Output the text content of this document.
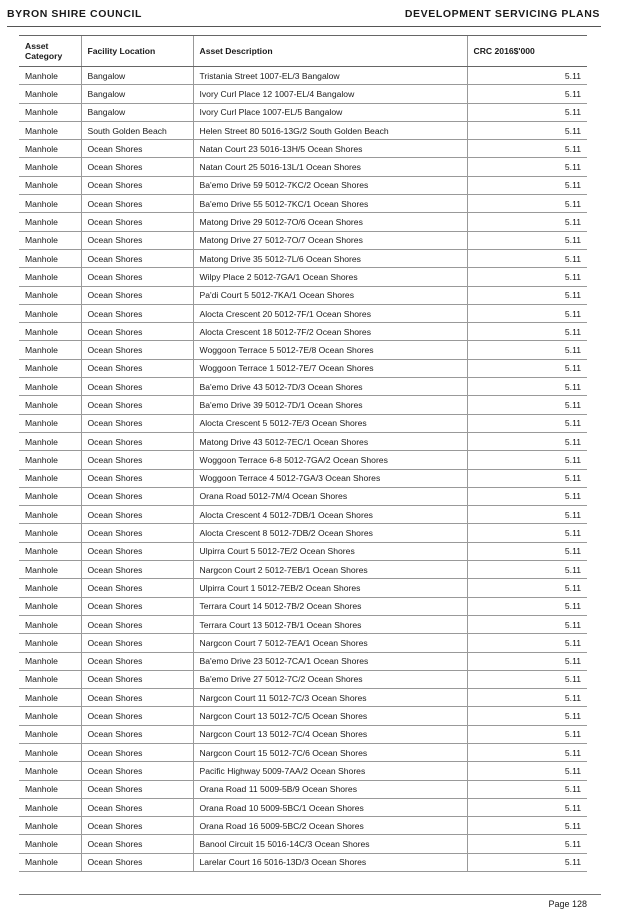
BYRON SHIRE COUNCIL	DEVELOPMENT SERVICING PLANS
Asset Category	Facility Location	Asset Description	CRC 2016$'000
Manhole	Bangalow	Tristania Street 1007-EL/3 Bangalow	5.11
Manhole	Bangalow	Ivory Curl Place 12 1007-EL/4 Bangalow	5.11
Manhole	Bangalow	Ivory Curl Place 1007-EL/5 Bangalow	5.11
Manhole	South Golden Beach	Helen Street 80 5016-13G/2 South Golden Beach	5.11
Manhole	Ocean Shores	Natan Court 23 5016-13H/5 Ocean Shores	5.11
Manhole	Ocean Shores	Natan Court 25 5016-13L/1 Ocean Shores	5.11
Manhole	Ocean Shores	Ba'emo Drive 59 5012-7KC/2 Ocean Shores	5.11
Manhole	Ocean Shores	Ba'emo Drive 55 5012-7KC/1 Ocean Shores	5.11
Manhole	Ocean Shores	Matong Drive 29 5012-7O/6 Ocean Shores	5.11
Manhole	Ocean Shores	Matong Drive 27 5012-7O/7 Ocean Shores	5.11
Manhole	Ocean Shores	Matong Drive 35 5012-7L/6 Ocean Shores	5.11
Manhole	Ocean Shores	Wilpy Place 2 5012-7GA/1 Ocean Shores	5.11
Manhole	Ocean Shores	Pa'di Court 5 5012-7KA/1 Ocean Shores	5.11
Manhole	Ocean Shores	Alocta Crescent 20 5012-7F/1 Ocean Shores	5.11
Manhole	Ocean Shores	Alocta Crescent 18 5012-7F/2 Ocean Shores	5.11
Manhole	Ocean Shores	Woggoon Terrace 5 5012-7E/8 Ocean Shores	5.11
Manhole	Ocean Shores	Woggoon Terrace 1 5012-7E/7 Ocean Shores	5.11
Manhole	Ocean Shores	Ba'emo Drive 43 5012-7D/3 Ocean Shores	5.11
Manhole	Ocean Shores	Ba'emo Drive 39 5012-7D/1 Ocean Shores	5.11
Manhole	Ocean Shores	Alocta Crescent 5 5012-7E/3 Ocean Shores	5.11
Manhole	Ocean Shores	Matong Drive 43 5012-7EC/1 Ocean Shores	5.11
Manhole	Ocean Shores	Woggoon Terrace 6-8 5012-7GA/2 Ocean Shores	5.11
Manhole	Ocean Shores	Woggoon Terrace 4 5012-7GA/3 Ocean Shores	5.11
Manhole	Ocean Shores	Orana Road 5012-7M/4 Ocean Shores	5.11
Manhole	Ocean Shores	Alocta Crescent 4 5012-7DB/1 Ocean Shores	5.11
Manhole	Ocean Shores	Alocta Crescent 8 5012-7DB/2 Ocean Shores	5.11
Manhole	Ocean Shores	Ulpirra Court 5 5012-7E/2 Ocean Shores	5.11
Manhole	Ocean Shores	Nargcon Court 2 5012-7EB/1 Ocean Shores	5.11
Manhole	Ocean Shores	Ulpirra Court 1 5012-7EB/2 Ocean Shores	5.11
Manhole	Ocean Shores	Terrara Court 14 5012-7B/2 Ocean Shores	5.11
Manhole	Ocean Shores	Terrara Court 13 5012-7B/1 Ocean Shores	5.11
Manhole	Ocean Shores	Nargcon Court 7 5012-7EA/1 Ocean Shores	5.11
Manhole	Ocean Shores	Ba'emo Drive 23 5012-7CA/1 Ocean Shores	5.11
Manhole	Ocean Shores	Ba'emo Drive 27 5012-7C/2 Ocean Shores	5.11
Manhole	Ocean Shores	Nargcon Court 11 5012-7C/3 Ocean Shores	5.11
Manhole	Ocean Shores	Nargcon Court 13 5012-7C/5 Ocean Shores	5.11
Manhole	Ocean Shores	Nargcon Court 13 5012-7C/4 Ocean Shores	5.11
Manhole	Ocean Shores	Nargcon Court 15 5012-7C/6 Ocean Shores	5.11
Manhole	Ocean Shores	Pacific Highway 5009-7AA/2 Ocean Shores	5.11
Manhole	Ocean Shores	Orana Road 11 5009-5B/9 Ocean Shores	5.11
Manhole	Ocean Shores	Orana Road 10 5009-5BC/1 Ocean Shores	5.11
Manhole	Ocean Shores	Orana Road 16 5009-5BC/2 Ocean Shores	5.11
Manhole	Ocean Shores	Banool Circuit 15 5016-14C/3 Ocean Shores	5.11
Manhole	Ocean Shores	Larelar Court 16 5016-13D/3 Ocean Shores	5.11
Page 128
